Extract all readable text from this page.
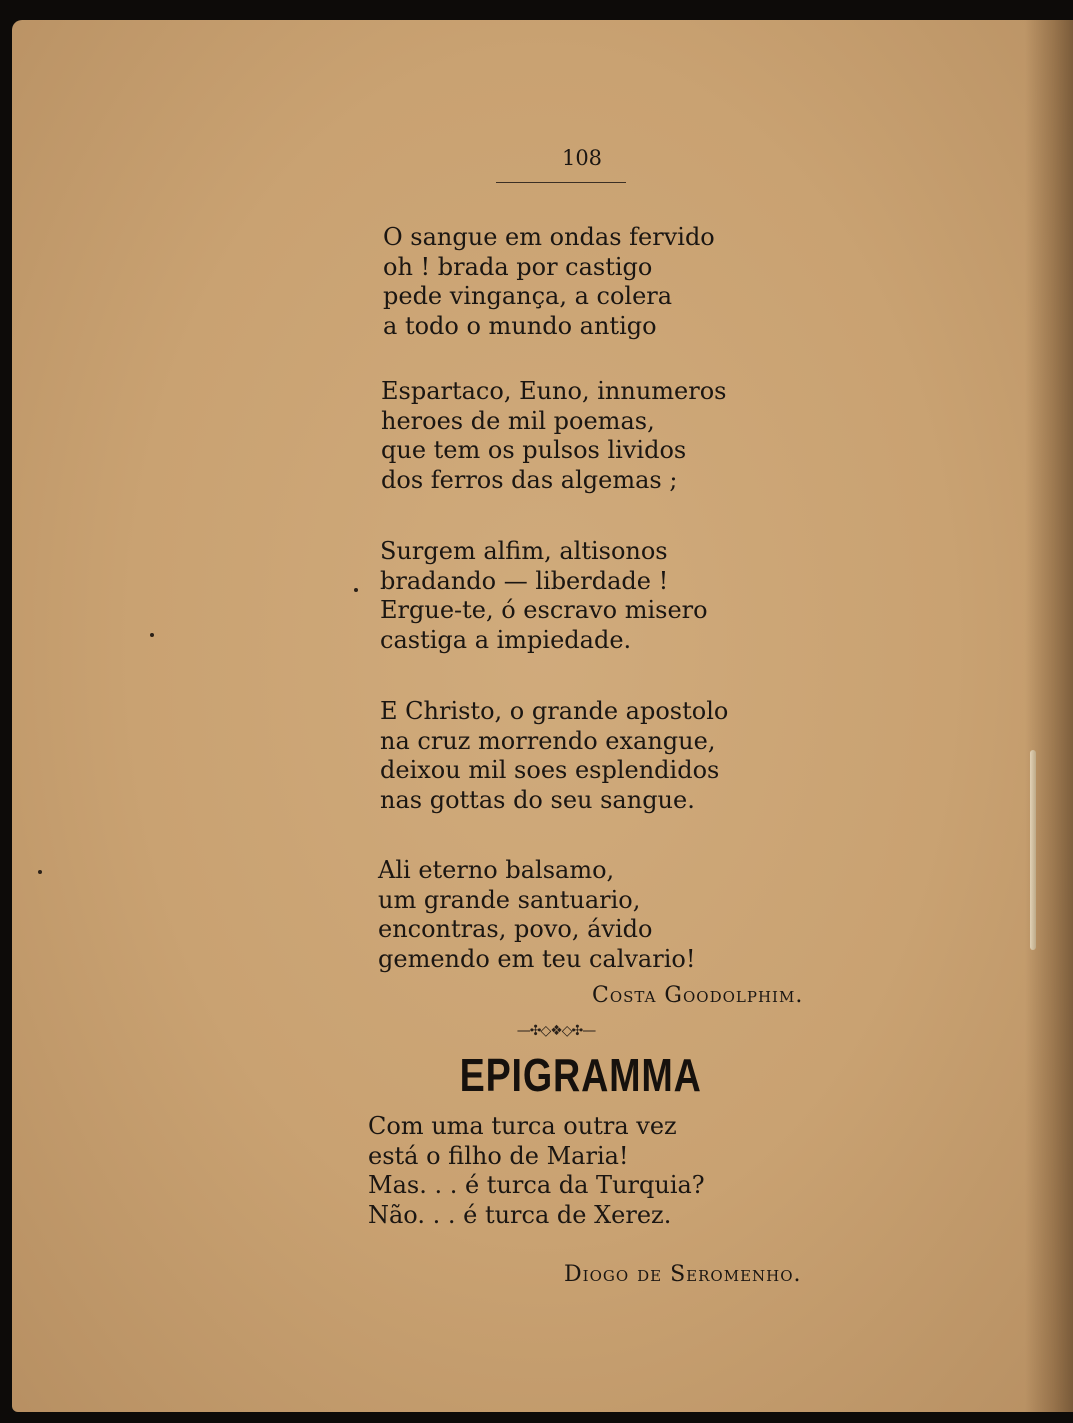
108
O sangue em ondas fervido
oh ! brada por castigo
pede vingança, a colera
a todo o mundo antigo
Espartaco, Euno, innumeros
heroes de mil poemas,
que tem os pulsos lividos
dos ferros das algemas ;
Surgem alfim, altisonos
bradando — liberdade !
Ergue-te, ó escravo misero
castiga a impiedade.
E Christo, o grande apostolo
na cruz morrendo exangue,
deixou mil soes esplendidos
nas gottas do seu sangue.
Ali eterno balsamo,
um grande santuario,
encontras, povo, ávido
gemendo em teu calvario!
Costa Goodolphim.
—✣◇❖◇✣—
EPIGRAMMA
Com uma turca outra vez
está o filho de Maria!
Mas. . . é turca da Turquia?
Não. . . é turca de Xerez.
Diogo de Seromenho.
